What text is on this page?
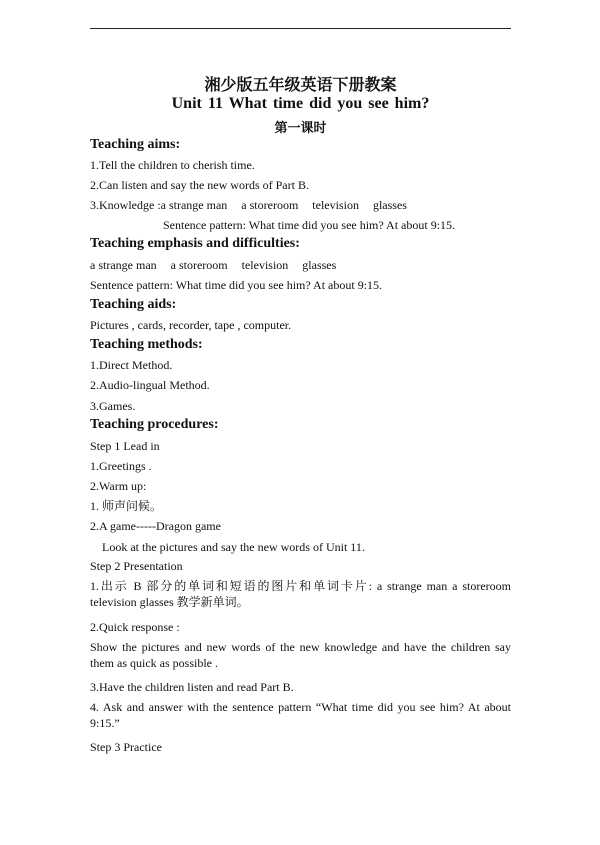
湘少版五年级英语下册教案
Unit 11 What time did you see him?
第一课时
Teaching aims:
1.Tell the children to cherish time.
2.Can listen and say the new words of Part B.
3.Knowledge :a strange man a storeroom television glasses
Sentence pattern: What time did you see him? At about 9:15.
Teaching emphasis and difficulties:
a strange man a storeroom television glasses
Sentence pattern: What time did you see him? At about 9:15.
Teaching aids:
Pictures , cards, recorder, tape , computer.
Teaching methods:
1.Direct Method.
2.Audio-lingual Method.
3.Games.
Teaching procedures:
Step 1 Lead in
1.Greetings .
2.Warm up:
1. 师声问候。
2.A game-----Dragon game
Look at the pictures and say the new words of Unit 11.
Step 2 Presentation
1.出示 B 部分的单词和短语的图片和单词卡片: a strange man a storeroom television glasses 教学新单词。
2.Quick response :
Show the pictures and new words of the new knowledge and have the children say them as quick as possible .
3.Have the children listen and read Part B.
4. Ask and answer with the sentence pattern “What time did you see him? At about 9:15.”
Step 3 Practice
